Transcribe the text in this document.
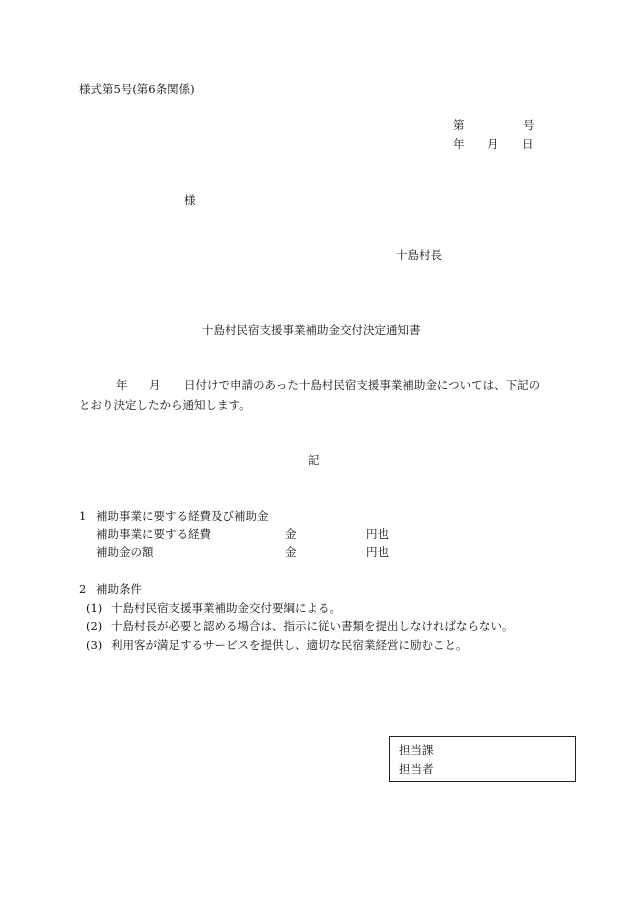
様式第5号(第6条関係)
第	号
年 月 日
様
十島村長
十島村民宿支援事業補助金交付決定通知書
年 月 日付けで申請のあった十島村民宿支援事業補助金については、下記の
とおり決定したから通知します。
記
1 補助事業に要する経費及び補助金
補助事業に要する経費	金	円也
補助金の額	金	円也
2 補助条件
(1) 十島村民宿支援事業補助金交付要綱による。
(2) 十島村長が必要と認める場合は、指示に従い書類を提出しなければならない。
(3) 利用客が満足するサービスを提供し、適切な民宿業経営に励むこと。
担当課
担当者
